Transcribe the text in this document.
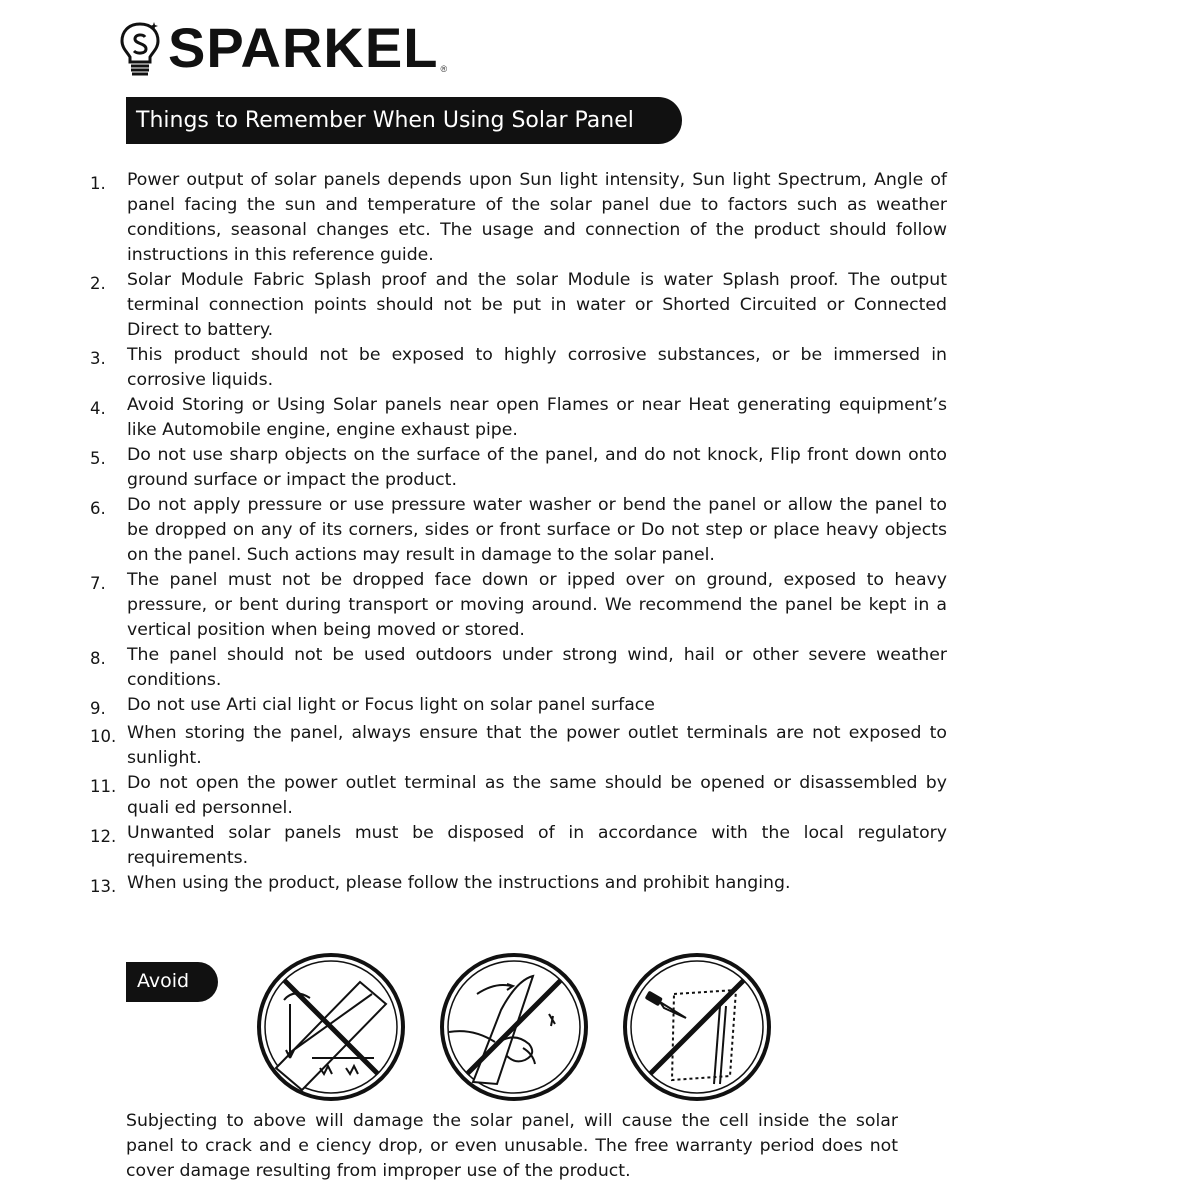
SPARKEL ®
Things to Remember When Using Solar Panel
1.	Power output of solar panels depends upon Sun light intensity, Sun light Spectrum, Angle of panel facing the sun and temperature of the solar panel due to factors such as weather conditions, seasonal changes etc. The usage and connection of the product should follow instructions in this reference guide.
2.	Solar Module Fabric Splash proof and the solar Module is water Splash proof. The output terminal connection points should not be put in water or Shorted Circuited or Connected Direct to battery.
3.	This product should not be exposed to highly corrosive substances, or be immersed in corrosive liquids.
4.	Avoid Storing or Using Solar panels near open Flames or near Heat generating equipment’s like Automobile engine, engine exhaust pipe.
5.	Do not use sharp objects on the surface of the panel, and do not knock, Flip front down onto ground surface or impact the product.
6.	Do not apply pressure or use pressure water washer or bend the panel or allow the panel to be dropped on any of its corners, sides or front surface or Do not step or place heavy objects on the panel. Such actions may result in damage to the solar panel.
7.	The panel must not be dropped face down or ipped over on ground, exposed to heavy pressure, or bent during transport or moving around. We recommend the panel be kept in a vertical position when being moved or stored.
8.	The panel should not be used outdoors under strong wind, hail or other severe weather conditions.
9.	Do not use Arti cial light or Focus light on solar panel surface
10. When storing the panel, always ensure that the power outlet terminals are not exposed to sunlight.
11. Do not open the power outlet terminal as the same should be opened or disassembled by quali ed personnel.
12. Unwanted solar panels must be disposed of in accordance with the local regulatory requirements.
13. When using the product, please follow the instructions and prohibit hanging.
Avoid

Subjecting to above will damage the solar panel, will cause the cell inside the solar panel to crack and e ciency drop, or even unusable. The free warranty period does not cover damage resulting from improper use of the product.
